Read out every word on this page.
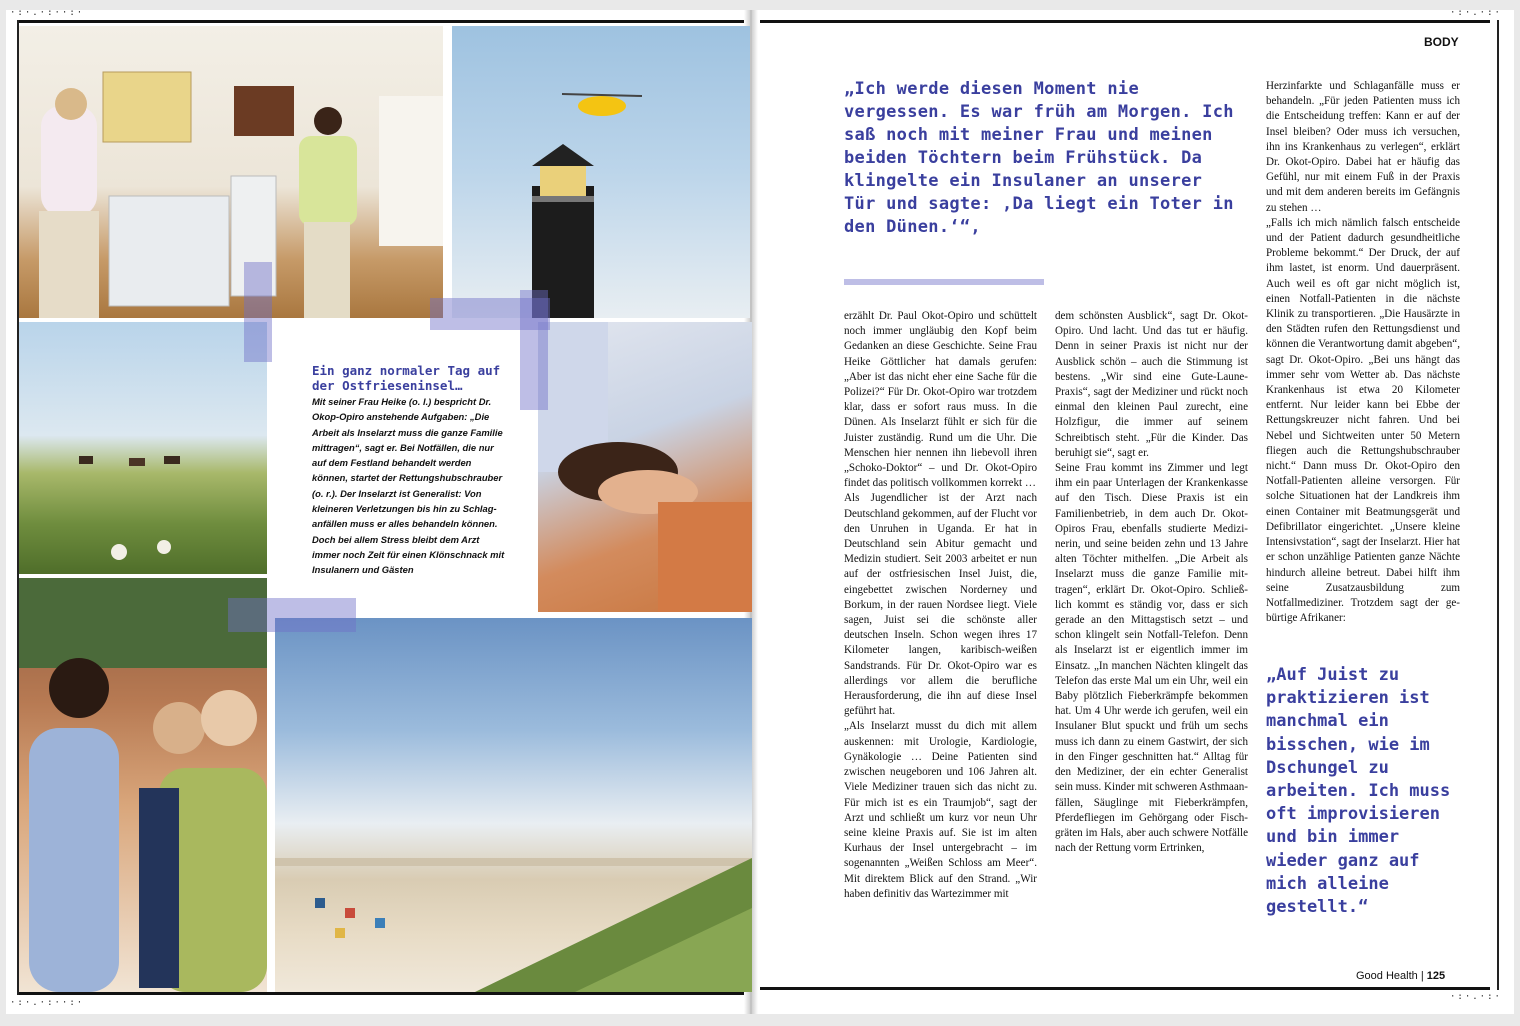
·:·.·:··:·
·:·.·:··:·
·:·.·:·
·:·.·:·
Ein ganz normaler Tag auf der Ostfrieseninsel…
Mit seiner Frau Heike (o. l.) bespricht Dr. Okop-Opiro anstehende Aufgaben: „Die Arbeit als Inselarzt muss die ganze Familie mittragen“, sagt er. Bei Notfällen, die nur auf dem Festland behandelt werden können, startet der Rettungshubschrauber (o. r.). Der Inselarzt ist Generalist: Von kleineren Verletzungen bis hin zu Schlaganfällen muss er alles behandeln können. Doch bei allem Stress bleibt dem Arzt immer noch Zeit für einen Klönschnack mit Insulanern und Gästen
BODY
„Ich werde diesen Moment nie vergessen. Es war früh am Morgen. Ich saß noch mit meiner Frau und meinen beiden Töchtern beim Frühstück. Da klingelte ein Insulaner an unserer Tür und sagte: ‚Da liegt ein Toter in den Dünen.‘“,

erzählt Dr. Paul Okot-Opiro und schüttelt noch immer ungläubig den Kopf beim Gedanken an diese Geschichte. Seine Frau Heike Göttlicher hat damals gerufen: „Aber ist das nicht eher eine Sache für die Polizei?“ Für Dr. Okot-Opiro war trotzdem klar, dass er sofort raus muss. In die Dünen. Als Inselarzt fühlt er sich für die Juister zuständig. Rund um die Uhr. Die Menschen hier nennen ihn liebevoll ihren „Schoko-Doktor“ – und Dr. Okot-Opiro findet das politisch vollkommen korrekt …

Als Jugendlicher ist der Arzt nach Deutschland gekommen, auf der Flucht vor den Unruhen in Uganda. Er hat in Deutschland sein Abitur gemacht und Medizin studiert. Seit 2003 arbeitet er nun auf der ostfriesischen Insel Juist, die, eingebettet zwischen Norderney und Borkum, in der rauen Nordsee liegt. Viele sagen, Juist sei die schönste aller deutschen Inseln. Schon wegen ihres 17 Kilometer langen, karibisch-weißen Sandstrands. Für Dr. Okot-Opiro war es allerdings vor allem die berufliche Herausforderung, die ihn auf diese Insel geführt hat.

„Als Inselarzt musst du dich mit allem auskennen: mit Urologie, Kardiologie, Gynäkologie … Deine Patienten sind zwischen neugeboren und 106 Jahren alt. Viele Mediziner trauen sich das nicht zu. Für mich ist es ein Traumjob“, sagt der Arzt und schließt um kurz vor neun Uhr seine kleine Praxis auf. Sie ist im alten Kurhaus der Insel untergebracht – im sogenannten „Weißen Schloss am Meer“. Mit direktem Blick auf den Strand. „Wir haben definitiv das Wartezimmer mit

dem schönsten Ausblick“, sagt Dr. Okot-Opiro. Und lacht. Und das tut er häufig. Denn in seiner Praxis ist nicht nur der Ausblick schön – auch die Stimmung ist bestens. „Wir sind eine Gute-Laune-Praxis“, sagt der Mediziner und rückt noch einmal den kleinen Paul zurecht, eine Holzfigur, die immer auf seinem Schreibtisch steht. „Für die Kinder. Das beruhigt sie“, sagt er.

Seine Frau kommt ins Zimmer und legt ihm ein paar Unterlagen der Krankenkasse auf den Tisch. Diese Praxis ist ein Familienbetrieb, in dem auch Dr. Okot-Opiros Frau, ebenfalls studierte Medizinerin, und seine beiden zehn und 13 Jahre alten Töchter mithelfen. „Die Arbeit als Inselarzt muss die ganze Familie mittragen“, erklärt Dr. Okot-Opiro. Schließlich kommt es ständig vor, dass er sich gerade an den Mittagstisch setzt – und schon klingelt sein Notfall-Telefon. Denn als Inselarzt ist er eigentlich immer im Einsatz. „In manchen Nächten klingelt das Telefon das erste Mal um ein Uhr, weil ein Baby plötzlich Fieberkrämpfe bekommen hat. Um 4 Uhr werde ich gerufen, weil ein Insulaner Blut spuckt und früh um sechs muss ich dann zu einem Gastwirt, der sich in den Finger geschnitten hat.“ Alltag für den Mediziner, der ein echter Generalist sein muss. Kinder mit schweren Asthmaanfällen, Säuglinge mit Fieberkrämpfen, Pferdefliegen im Gehörgang oder Fischgräten im Hals, aber auch schwere Notfälle nach der Rettung vorm Ertrinken,

Herzinfarkte und Schlaganfälle muss er behandeln. „Für jeden Patienten muss ich die Entscheidung treffen: Kann er auf der Insel bleiben? Oder muss ich versuchen, ihn ins Krankenhaus zu verlegen“, erklärt Dr. Okot-Opiro. Dabei hat er häufig das Gefühl, nur mit einem Fuß in der Praxis und mit dem anderen bereits im Gefängnis zu stehen …

„Falls ich mich nämlich falsch entscheide und der Patient dadurch gesundheitliche Probleme bekommt.“ Der Druck, der auf ihm lastet, ist enorm. Und dauerpräsent. Auch weil es oft gar nicht möglich ist, einen Notfall-Patienten in die nächste Klinik zu transportieren. „Die Hausärzte in den Städten rufen den Rettungsdienst und können die Verantwortung damit abgeben“, sagt Dr. Okot-Opiro. „Bei uns hängt das immer sehr vom Wetter ab. Das nächste Krankenhaus ist etwa 20 Kilometer entfernt. Nur leider kann bei Ebbe der Rettungskreuzer nicht fahren. Und bei Nebel und Sichtweiten unter 50 Metern fliegen auch die Rettungshubschrauber nicht.“ Dann muss Dr. Okot-Opiro den Notfall-Patienten alleine versorgen. Für solche Situationen hat der Landkreis ihm einen Container mit Beatmungsgerät und Defibrillator eingerichtet. „Unsere kleine Intensivstation“, sagt der Inselarzt. Hier hat er schon unzählige Patienten ganze Nächte hindurch alleine betreut. Dabei hilft ihm seine Zusatzausbildung zum Notfallmediziner. Trotzdem sagt der gebürtige Afrikaner:

„Auf Juist zu praktizieren ist manchmal ein bisschen, wie im Dschungel zu arbeiten. Ich muss oft improvisieren und bin immer wieder ganz auf mich alleine gestellt.“
Good Health | 125
